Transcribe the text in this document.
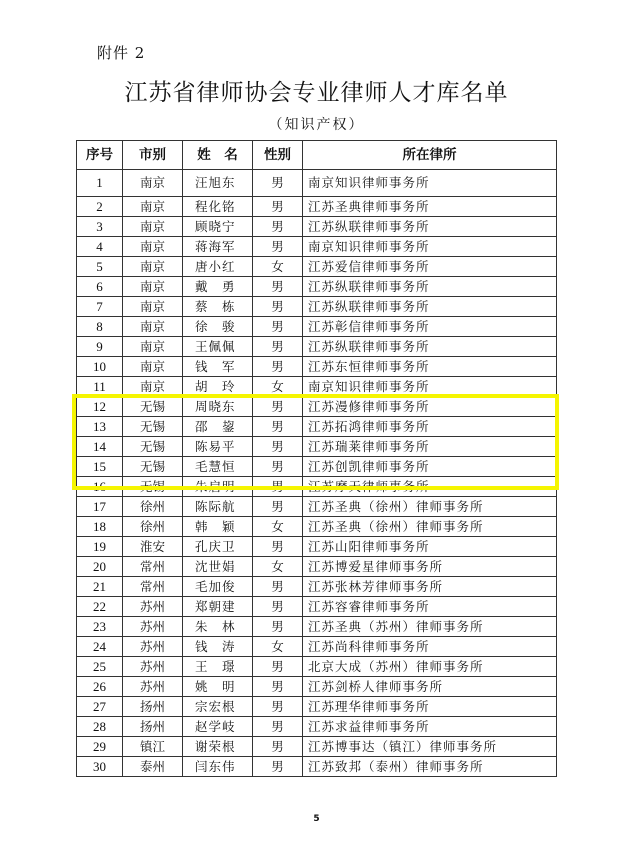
附件 2
江苏省律师协会专业律师人才库名单
（知识产权）
序号	市别	姓　名	性别	所在律所
1	南京	汪旭东	男	南京知识律师事务所
2	南京	程化铭	男	江苏圣典律师事务所
3	南京	顾晓宁	男	江苏纵联律师事务所
4	南京	蒋海军	男	南京知识律师事务所
5	南京	唐小红	女	江苏爱信律师事务所
6	南京	戴　勇	男	江苏纵联律师事务所
7	南京	蔡　栋	男	江苏纵联律师事务所
8	南京	徐　骏	男	江苏彰信律师事务所
9	南京	王佩佩	男	江苏纵联律师事务所
10	南京	钱　军	男	江苏东恒律师事务所
11	南京	胡　玲	女	南京知识律师事务所
12	无锡	周晓东	男	江苏漫修律师事务所
13	无锡	邵　鋆	男	江苏拓鸿律师事务所
14	无锡	陈易平	男	江苏瑞莱律师事务所
15	无锡	毛慧恒	男	江苏创凯律师事务所
16	无锡	朱启明	男	江苏摩天律师事务所
17	徐州	陈际航	男	江苏圣典（徐州）律师事务所
18	徐州	韩　颖	女	江苏圣典（徐州）律师事务所
19	淮安	孔庆卫	男	江苏山阳律师事务所
20	常州	沈世娟	女	江苏博爱星律师事务所
21	常州	毛加俊	男	江苏张林芳律师事务所
22	苏州	郑朝建	男	江苏容睿律师事务所
23	苏州	朱　林	男	江苏圣典（苏州）律师事务所
24	苏州	钱　涛	女	江苏尚科律师事务所
25	苏州	王　璟	男	北京大成（苏州）律师事务所
26	苏州	姚　明	男	江苏剑桥人律师事务所
27	扬州	宗宏根	男	江苏理华律师事务所
28	扬州	赵学岐	男	江苏求益律师事务所
29	镇江	谢荣根	男	江苏博事达（镇江）律师事务所
30	泰州	闫东伟	男	江苏致邦（泰州）律师事务所
5
